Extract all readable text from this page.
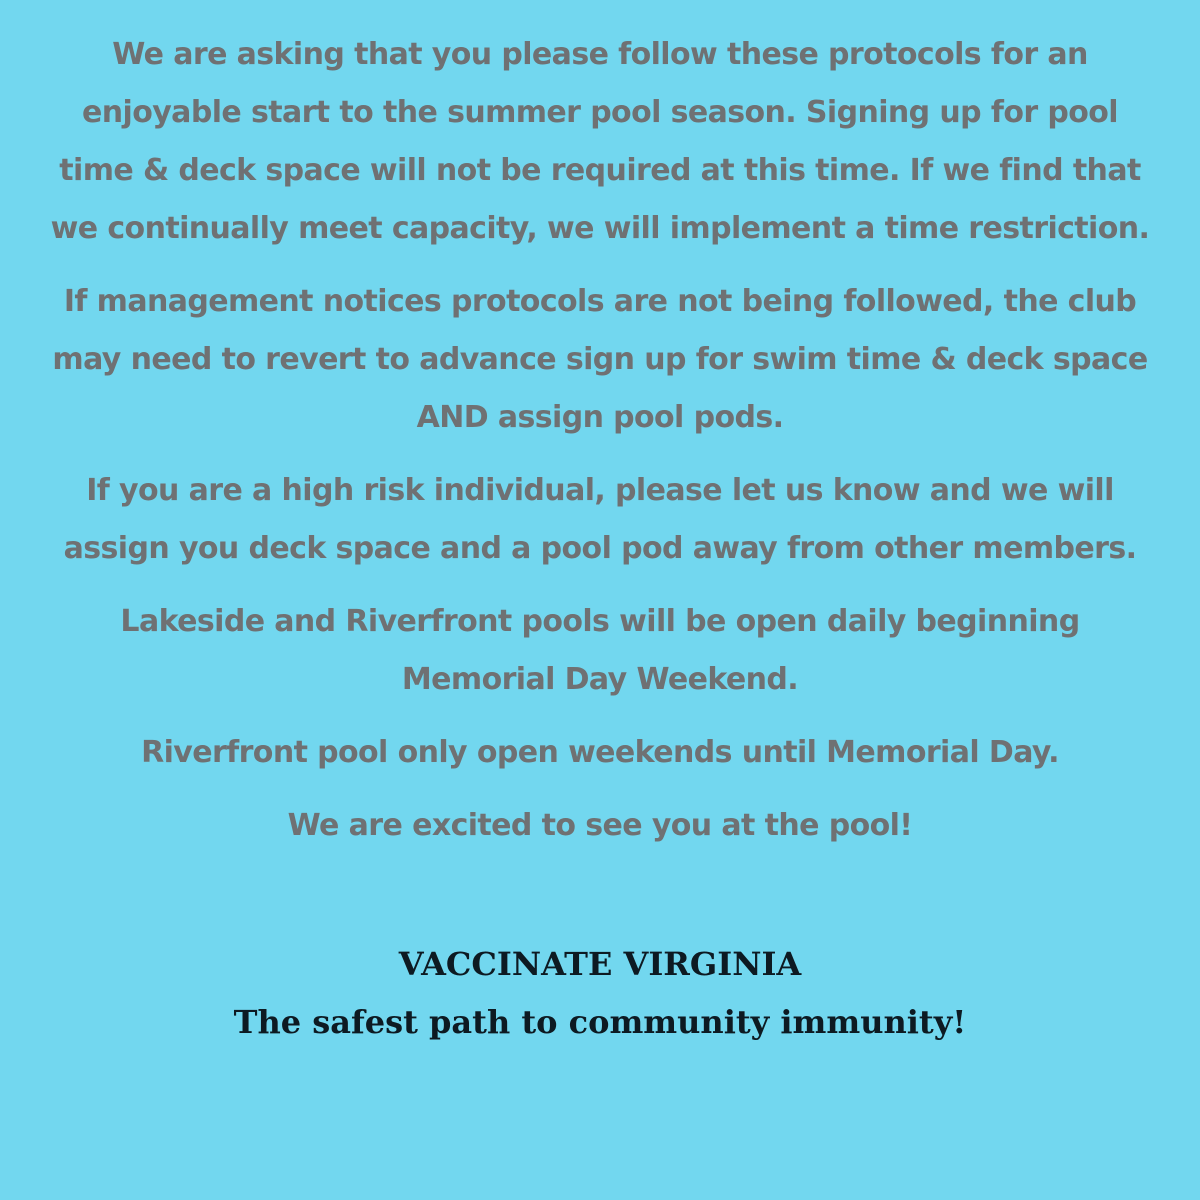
We are asking that you please follow these protocols for an
enjoyable start to the summer pool season. Signing up for pool
time & deck space will not be required at this time. If we find that
we continually meet capacity, we will implement a time restriction.

If management notices protocols are not being followed, the club
may need to revert to advance sign up for swim time & deck space
AND assign pool pods.

If you are a high risk individual, please let us know and we will
assign you deck space and a pool pod away from other members.

Lakeside and Riverfront pools will be open daily beginning
Memorial Day Weekend.

Riverfront pool only open weekends until Memorial Day.

We are excited to see you at the pool!

VACCINATE VIRGINIA
The safest path to community immunity!
